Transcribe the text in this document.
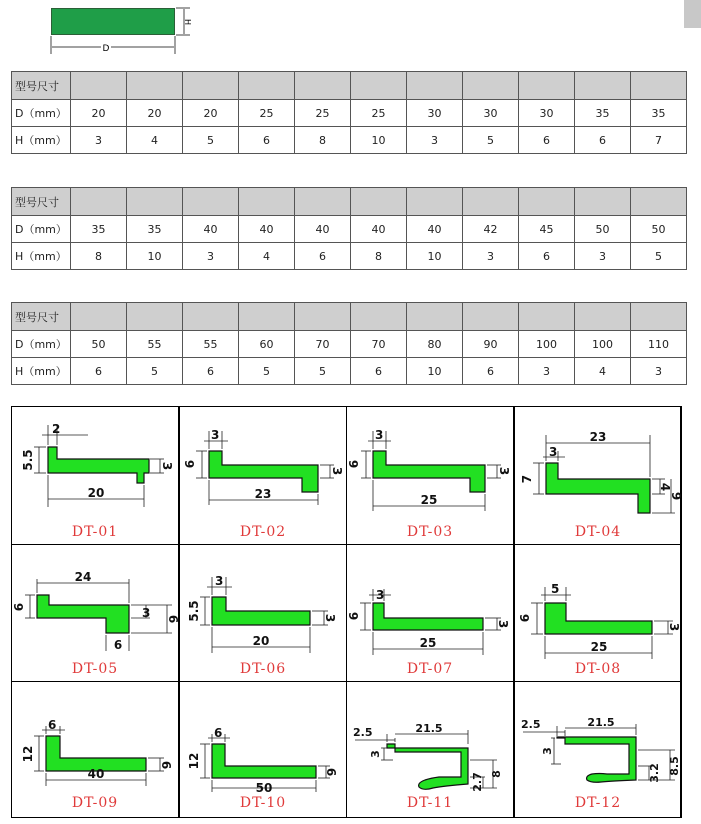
H
D
型号尺寸											
D（mm）	20	20	20	25	25	25	30	30	30	35	35
H（mm）	3	4	5	6	8	10	3	5	6	6	7
型号尺寸											
D（mm）	35	35	40	40	40	40	40	42	45	50	50
H（mm）	8	10	3	4	6	8	10	3	6	3	5
型号尺寸											
D（mm）	50	55	55	60	70	70	80	90	100	100	110
H（mm）	6	5	6	5	5	6	10	6	3	4	3
2
5.5	3
20
DT-01
3
6
3
23
DT-02
3
6
3
25
DT-03
23
3
7
4
9
DT-04
24
6	3
6
6
DT-05
3
5.5	3
20
DT-06
3
6
3
25
DT-07
5
6
3
25
DT-08
6
12
6
40
DT-09
6
12
6
50
DT-10
2.5	21.5
3
2.7 8
DT-11
2.5	21.5
3
3.2 8.5
DT-12
